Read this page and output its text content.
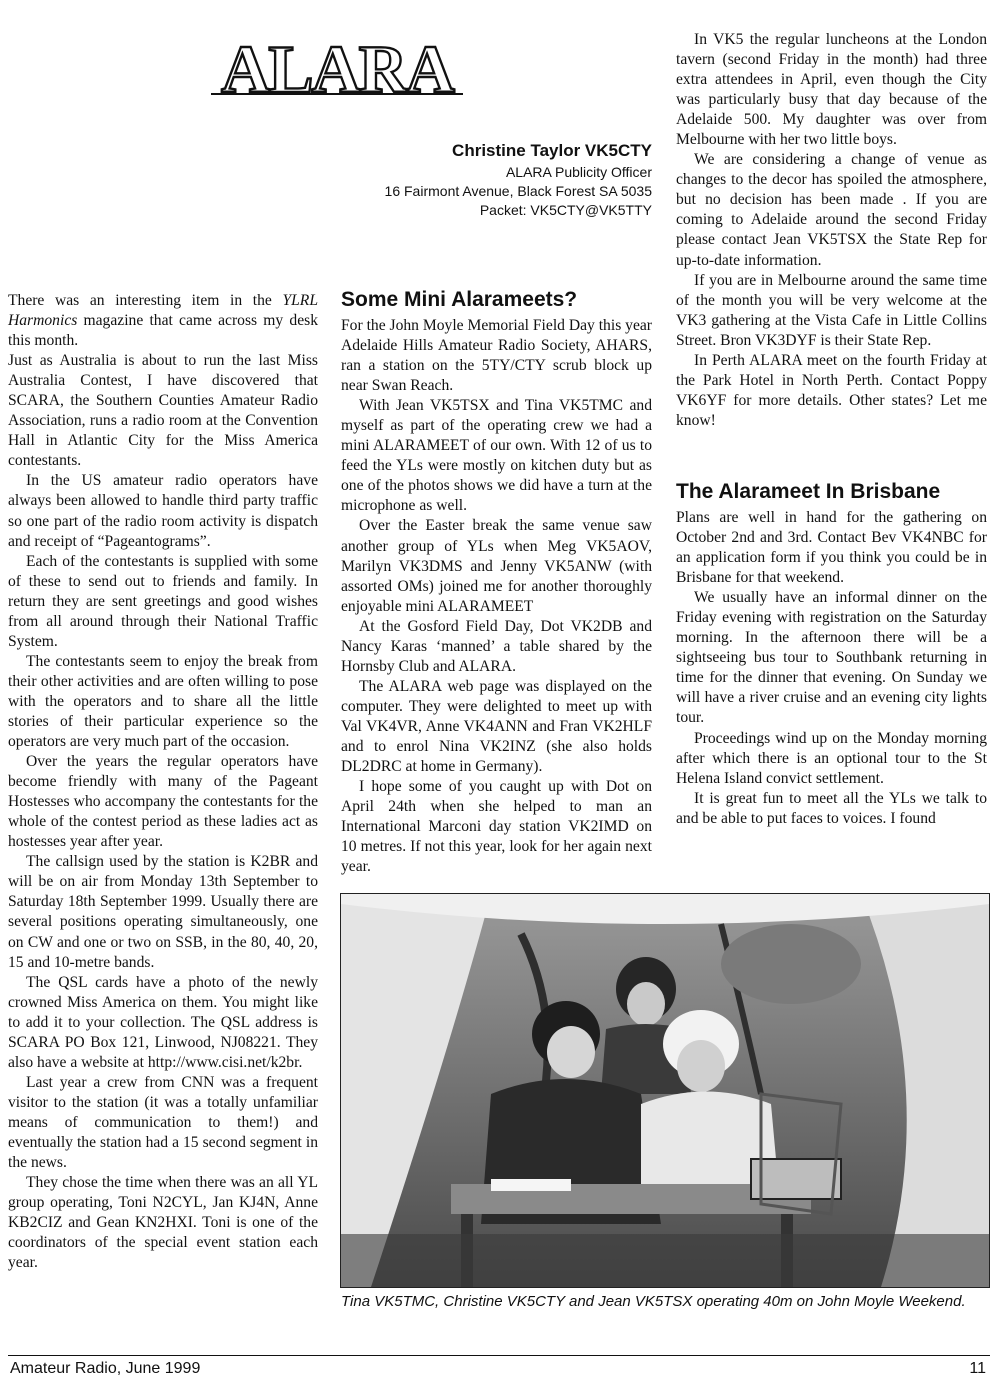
ALARA
Christine Taylor VK5CTY
ALARA Publicity Officer
16 Fairmont Avenue, Black Forest SA 5035
Packet: VK5CTY@VK5TTY

There was an interesting item in the YLRL Harmonics magazine that came across my desk this month.

Just as Australia is about to run the last Miss Australia Contest, I have discovered that SCARA, the Southern Counties Amateur Radio Association, runs a radio room at the Convention Hall in Atlantic City for the Miss America contestants.

In the US amateur radio operators have always been allowed to handle third party traffic so one part of the radio room activity is dispatch and receipt of “Pageantograms”.

Each of the contestants is supplied with some of these to send out to friends and family. In return they are sent greetings and good wishes from all around through their National Traffic System.

The contestants seem to enjoy the break from their other activities and are often willing to pose with the operators and to share all the little stories of their particular experience so the operators are very much part of the occasion.

Over the years the regular operators have become friendly with many of the Pageant Hostesses who accompany the contestants for the whole of the contest period as these ladies act as hostesses year after year.

The callsign used by the station is K2BR and will be on air from Monday 13th September to Saturday 18th September 1999. Usually there are several positions operating simultaneously, one on CW and one or two on SSB, in the 80, 40, 20, 15 and 10-metre bands.

The QSL cards have a photo of the newly crowned Miss America on them. You might like to add it to your collection. The QSL address is SCARA PO Box 121, Linwood, NJ08221. They also have a website at http://www.cisi.net/k2br.

Last year a crew from CNN was a frequent visitor to the station (it was a totally unfamiliar means of communication to them!) and eventually the station had a 15 second segment in the news.

They chose the time when there was an all YL group operating, Toni N2CYL, Jan KJ4N, Anne KB2CIZ and Gean KN2HXI. Toni is one of the coordinators of the special event station each year.

Some Mini Alarameets?

For the John Moyle Memorial Field Day this year Adelaide Hills Amateur Radio Society, AHARS, ran a station on the 5TY/CTY scrub block up near Swan Reach.

With Jean VK5TSX and Tina VK5TMC and myself as part of the operating crew we had a mini ALARAMEET of our own. With 12 of us to feed the YLs were mostly on kitchen duty but as one of the photos shows we did have a turn at the microphone as well.

Over the Easter break the same venue saw another group of YLs when Meg VK5AOV, Marilyn VK3DMS and Jenny VK5ANW (with assorted OMs) joined me for another thoroughly enjoyable mini ALARAMEET

At the Gosford Field Day, Dot VK2DB and Nancy Karas ‘manned’ a table shared by the Hornsby Club and ALARA.

The ALARA web page was displayed on the computer. They were delighted to meet up with Val VK4VR, Anne VK4ANN and Fran VK2HLF and to enrol Nina VK2INZ (she also holds DL2DRC at home in Germany).

I hope some of you caught up with Dot on April 24th when she helped to man an International Marconi day station VK2IMD on 10 metres. If not this year, look for her again next year.

In VK5 the regular luncheons at the London tavern (second Friday in the month) had three extra attendees in April, even though the City was particularly busy that day because of the Adelaide 500. My daughter was over from Melbourne with her two little boys.

We are considering a change of venue as changes to the decor has spoiled the atmosphere, but no decision has been made . If you are coming to Adelaide around the second Friday please contact Jean VK5TSX the State Rep for up-to-date information.

If you are in Melbourne around the same time of the month you will be very welcome at the VK3 gathering at the Vista Cafe in Little Collins Street. Bron VK3DYF is their State Rep.

In Perth ALARA meet on the fourth Friday at the Park Hotel in North Perth. Contact Poppy VK6YF for more details. Other states? Let me know!

The Alarameet In Brisbane

Plans are well in hand for the gathering on October 2nd and 3rd. Contact Bev VK4NBC for an application form if you think you could be in Brisbane for that weekend.

We usually have an informal dinner on the Friday evening with registration on the Saturday morning. In the afternoon there will be a sightseeing bus tour to Southbank returning in time for the dinner that evening. On Sunday we will have a river cruise and an evening city lights tour.

Proceedings wind up on the Monday morning after which there is an optional tour to the St Helena Island convict settlement.

It is great fun to meet all the YLs we talk to and be able to put faces to voices. I found

Tina VK5TMC, Christine VK5CTY and Jean VK5TSX operating 40m on John Moyle Weekend.
Amateur Radio, June 1999	11
